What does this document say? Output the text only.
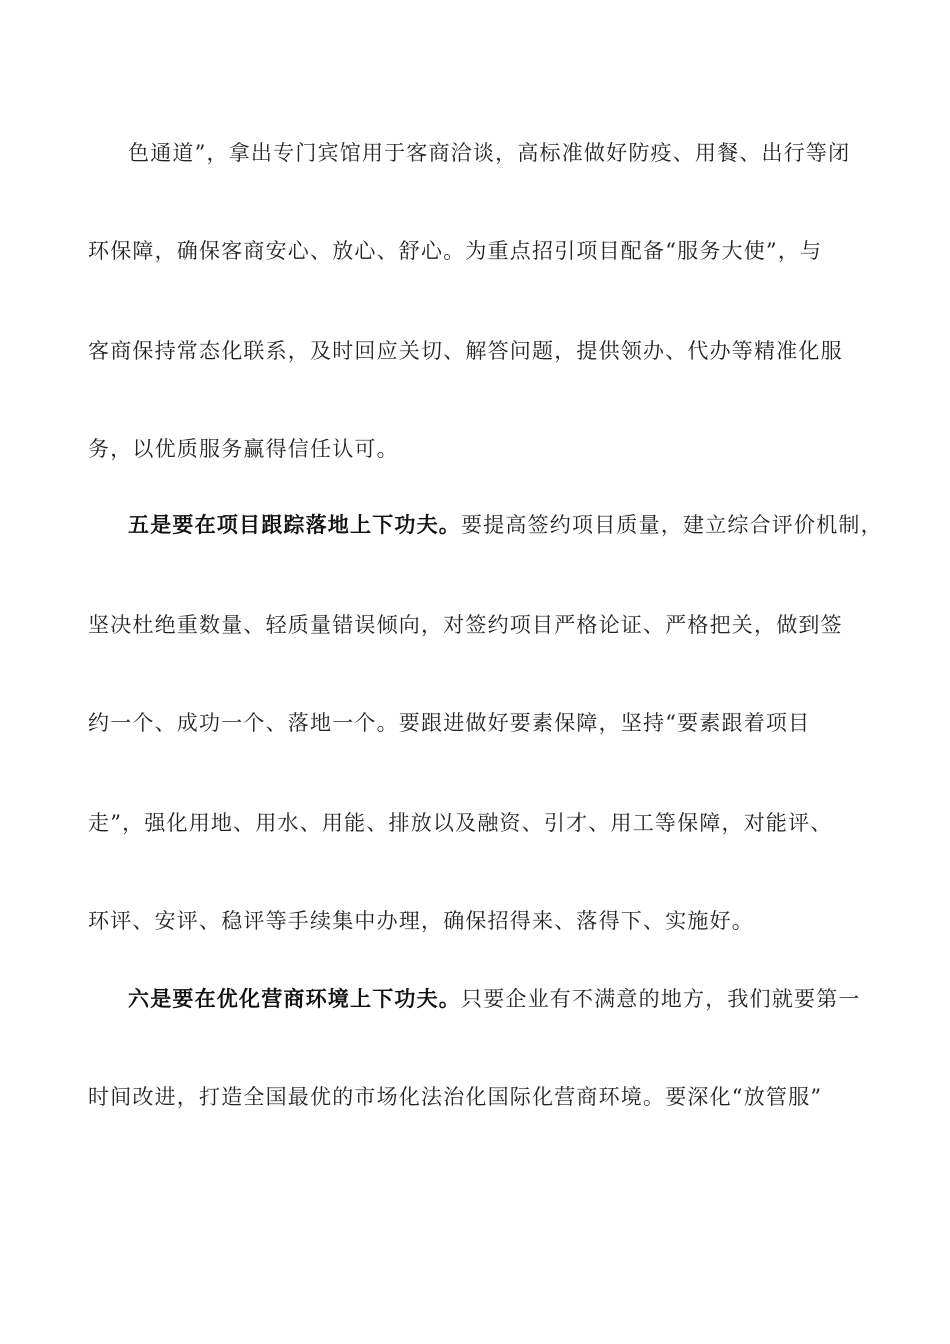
色通道”，拿出专门宾馆用于客商洽谈，高标准做好防疫、用餐、出行等闭
环保障，确保客商安心、放心、舒心。为重点招引项目配备“服务大使”，与
客商保持常态化联系，及时回应关切、解答问题，提供领办、代办等精准化服
务，以优质服务赢得信任认可。
五是要在项目跟踪落地上下功夫。要提高签约项目质量，建立综合评价机制，
坚决杜绝重数量、轻质量错误倾向，对签约项目严格论证、严格把关，做到签
约一个、成功一个、落地一个。要跟进做好要素保障，坚持“要素跟着项目
走”，强化用地、用水、用能、排放以及融资、引才、用工等保障，对能评、
环评、安评、稳评等手续集中办理，确保招得来、落得下、实施好。
六是要在优化营商环境上下功夫。只要企业有不满意的地方，我们就要第一
时间改进，打造全国最优的市场化法治化国际化营商环境。要深化“放管服”
